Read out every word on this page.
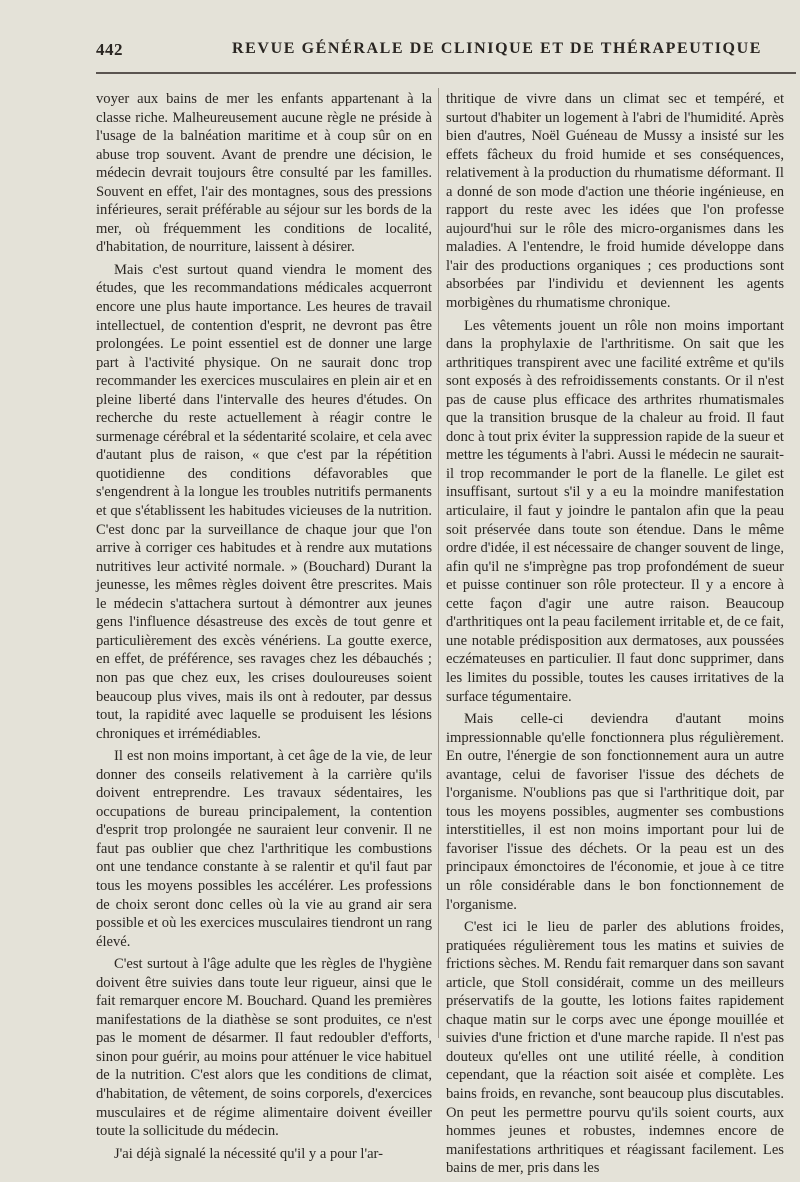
442	REVUE GÉNÉRALE DE CLINIQUE ET DE THÉRAPEUTIQUE

voyer aux bains de mer les enfants appartenant à la classe riche. Malheureusement aucune règle ne préside à l'usage de la balnéation maritime et à coup sûr on en abuse trop souvent. Avant de prendre une décision, le médecin devrait toujours être consulté par les familles. Souvent en effet, l'air des montagnes, sous des pressions inférieures, serait préférable au séjour sur les bords de la mer, où fréquemment les conditions de localité, d'habitation, de nourriture, laissent à désirer.

Mais c'est surtout quand viendra le moment des études, que les recommandations médicales acquerront encore une plus haute importance. Les heures de travail intellectuel, de contention d'esprit, ne devront pas être prolongées. Le point essentiel est de donner une large part à l'activité physique. On ne saurait donc trop recommander les exercices musculaires en plein air et en pleine liberté dans l'intervalle des heures d'études. On recherche du reste actuellement à réagir contre le surmenage cérébral et la sédentarité scolaire, et cela avec d'autant plus de raison, « que c'est par la répétition quotidienne des conditions défavorables que s'engendrent à la longue les troubles nutritifs permanents et que s'établissent les habitudes vicieuses de la nutrition. C'est donc par la surveillance de chaque jour que l'on arrive à corriger ces habitudes et à rendre aux mutations nutritives leur activité normale. » (Bouchard) Durant la jeunesse, les mêmes règles doivent être prescrites. Mais le médecin s'attachera surtout à démontrer aux jeunes gens l'influence désastreuse des excès de tout genre et particulièrement des excès vénériens. La goutte exerce, en effet, de préférence, ses ravages chez les débauchés ; non pas que chez eux, les crises douloureuses soient beaucoup plus vives, mais ils ont à redouter, par dessus tout, la rapidité avec laquelle se produisent les lésions chroniques et irrémédiables.

Il est non moins important, à cet âge de la vie, de leur donner des conseils relativement à la carrière qu'ils doivent entreprendre. Les travaux sédentaires, les occupations de bureau principalement, la contention d'esprit trop prolongée ne sauraient leur convenir. Il ne faut pas oublier que chez l'arthritique les combustions ont une tendance constante à se ralentir et qu'il faut par tous les moyens possibles les accélérer. Les professions de choix seront donc celles où la vie au grand air sera possible et où les exercices musculaires tiendront un rang élevé.

C'est surtout à l'âge adulte que les règles de l'hygiène doivent être suivies dans toute leur rigueur, ainsi que le fait remarquer encore M. Bouchard. Quand les premières manifestations de la diathèse se sont produites, ce n'est pas le moment de désarmer. Il faut redoubler d'efforts, sinon pour guérir, au moins pour atténuer le vice habituel de la nutrition. C'est alors que les conditions de climat, d'habitation, de vêtement, de soins corporels, d'exercices musculaires et de régime alimentaire doivent éveiller toute la sollicitude du médecin.

J'ai déjà signalé la nécessité qu'il y a pour l'ar-

thritique de vivre dans un climat sec et tempéré, et surtout d'habiter un logement à l'abri de l'humidité. Après bien d'autres, Noël Guéneau de Mussy a insisté sur les effets fâcheux du froid humide et ses conséquences, relativement à la production du rhumatisme déformant. Il a donné de son mode d'action une théorie ingénieuse, en rapport du reste avec les idées que l'on professe aujourd'hui sur le rôle des micro-organismes dans les maladies. A l'entendre, le froid humide développe dans l'air des productions organiques ; ces productions sont absorbées par l'individu et deviennent les agents morbigènes du rhumatisme chronique.

Les vêtements jouent un rôle non moins important dans la prophylaxie de l'arthritisme. On sait que les arthritiques transpirent avec une facilité extrême et qu'ils sont exposés à des refroidissements constants. Or il n'est pas de cause plus efficace des arthrites rhumatismales que la transition brusque de la chaleur au froid. Il faut donc à tout prix éviter la suppression rapide de la sueur et mettre les téguments à l'abri. Aussi le médecin ne saurait-il trop recommander le port de la flanelle. Le gilet est insuffisant, surtout s'il y a eu la moindre manifestation articulaire, il faut y joindre le pantalon afin que la peau soit préservée dans toute son étendue. Dans le même ordre d'idée, il est nécessaire de changer souvent de linge, afin qu'il ne s'imprègne pas trop profondément de sueur et puisse continuer son rôle protecteur. Il y a encore à cette façon d'agir une autre raison. Beaucoup d'arthritiques ont la peau facilement irritable et, de ce fait, une notable prédisposition aux dermatoses, aux poussées eczémateuses en particulier. Il faut donc supprimer, dans les limites du possible, toutes les causes irritatives de la surface tégumentaire.

Mais celle-ci deviendra d'autant moins impressionnable qu'elle fonctionnera plus régulièrement. En outre, l'énergie de son fonctionnement aura un autre avantage, celui de favoriser l'issue des déchets de l'organisme. N'oublions pas que si l'arthritique doit, par tous les moyens possibles, augmenter ses combustions interstitielles, il est non moins important pour lui de favoriser l'issue des déchets. Or la peau est un des principaux émonctoires de l'économie, et joue à ce titre un rôle considérable dans le bon fonctionnement de l'organisme.

C'est ici le lieu de parler des ablutions froides, pratiquées régulièrement tous les matins et suivies de frictions sèches. M. Rendu fait remarquer dans son savant article, que Stoll considérait, comme un des meilleurs préservatifs de la goutte, les lotions faites rapidement chaque matin sur le corps avec une éponge mouillée et suivies d'une friction et d'une marche rapide. Il n'est pas douteux qu'elles ont une utilité réelle, à condition cependant, que la réaction soit aisée et complète. Les bains froids, en revanche, sont beaucoup plus discutables. On peut les permettre pourvu qu'ils soient courts, aux hommes jeunes et robustes, indemnes encore de manifestations arthritiques et réagissant facilement. Les bains de mer, pris dans les
